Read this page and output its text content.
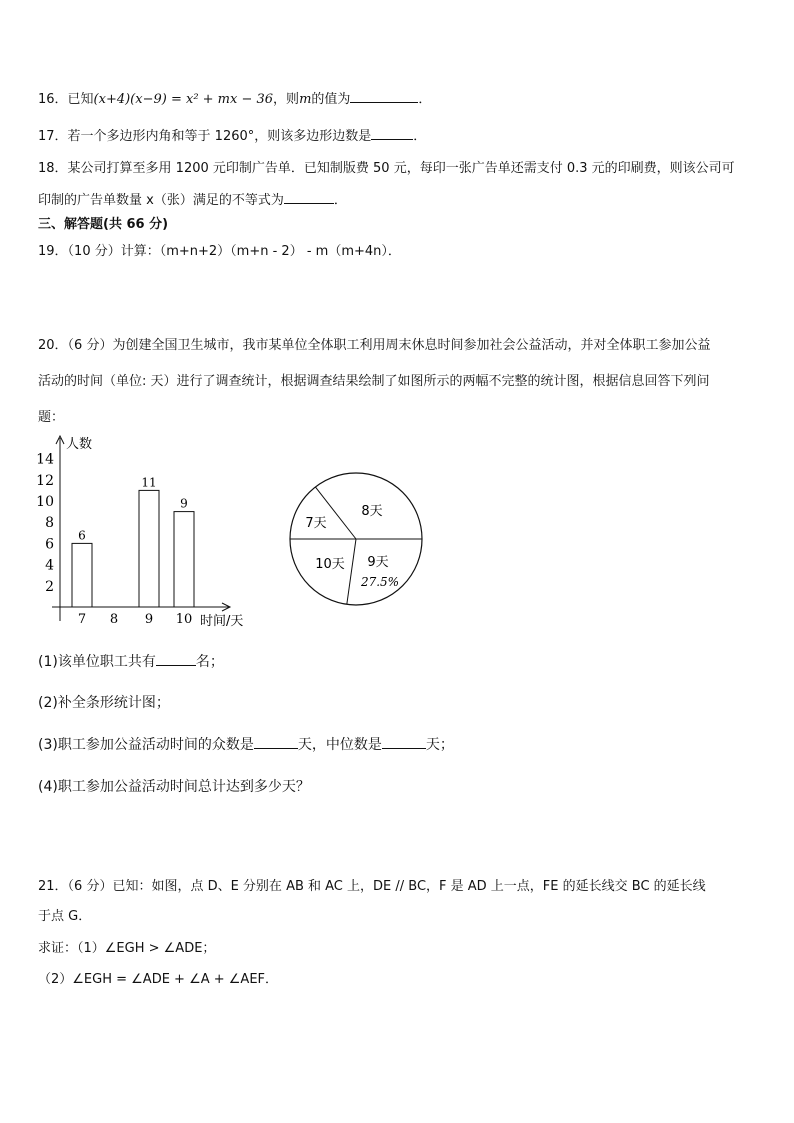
16．已知(x+4)(x−9) = x² + mx − 36，则m的值为	．
17．若一个多边形内角和等于 1260°，则该多边形边数是	．
18．某公司打算至多用 1200 元印制广告单．已知制版费 50 元，每印一张广告单还需支付 0.3 元的印刷费，则该公司可
印制的广告单数量 x（张）满足的不等式为	．
三、解答题(共 66 分)
19．（10 分）计算：（m+n+2）（m+n - 2） - m（m+4n）．
20．（6 分）为创建全国卫生城市，我市某单位全体职工利用周末休息时间参加社会公益活动，并对全体职工参加公益
活动的时间（单位: 天）进行了调查统计，根据调查结果绘制了如图所示的两幅不完整的统计图，根据信息回答下列问
题：
人数
时间/天
2
4
6
8
10
12
14
7
6
8 9
11
10
9
8天
7天
10天 9天
27.5%
(1)该单位职工共有	名；
(2)补全条形统计图；
(3)职工参加公益活动时间的众数是	天，中位数是	天；
(4)职工参加公益活动时间总计达到多少天？
21．（6 分）已知：如图，点 D、E 分别在 AB 和 AC 上，DE // BC，F 是 AD 上一点，FE 的延长线交 BC 的延长线
于点 G．
求证：（1）∠EGH > ∠ADE；
（2）∠EGH = ∠ADE + ∠A + ∠AEF．
